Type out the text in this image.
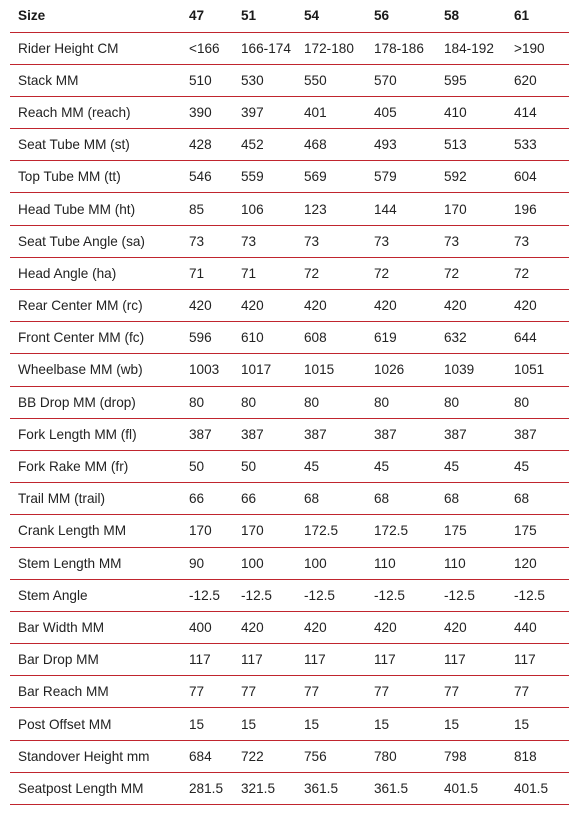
Size	47	51	54	56	58	61
Rider Height CM	<166	166-174	172-180	178-186	184-192	>190
Stack MM	510	530	550	570	595	620
Reach MM (reach)	390	397	401	405	410	414
Seat Tube MM (st)	428	452	468	493	513	533
Top Tube MM (tt)	546	559	569	579	592	604
Head Tube MM (ht)	85	106	123	144	170	196
Seat Tube Angle (sa)	73	73	73	73	73	73
Head Angle (ha)	71	71	72	72	72	72
Rear Center MM (rc)	420	420	420	420	420	420
Front Center MM (fc)	596	610	608	619	632	644
Wheelbase MM (wb)	1003	1017	1015	1026	1039	1051
BB Drop MM (drop)	80	80	80	80	80	80
Fork Length MM (fl)	387	387	387	387	387	387
Fork Rake MM (fr)	50	50	45	45	45	45
Trail MM (trail)	66	66	68	68	68	68
Crank Length MM	170	170	172.5	172.5	175	175
Stem Length MM	90	100	100	110	110	120
Stem Angle	-12.5	-12.5	-12.5	-12.5	-12.5	-12.5
Bar Width MM	400	420	420	420	420	440
Bar Drop MM	117	117	117	117	117	117
Bar Reach MM	77	77	77	77	77	77
Post Offset MM	15	15	15	15	15	15
Standover Height mm	684	722	756	780	798	818
Seatpost Length MM	281.5	321.5	361.5	361.5	401.5	401.5
